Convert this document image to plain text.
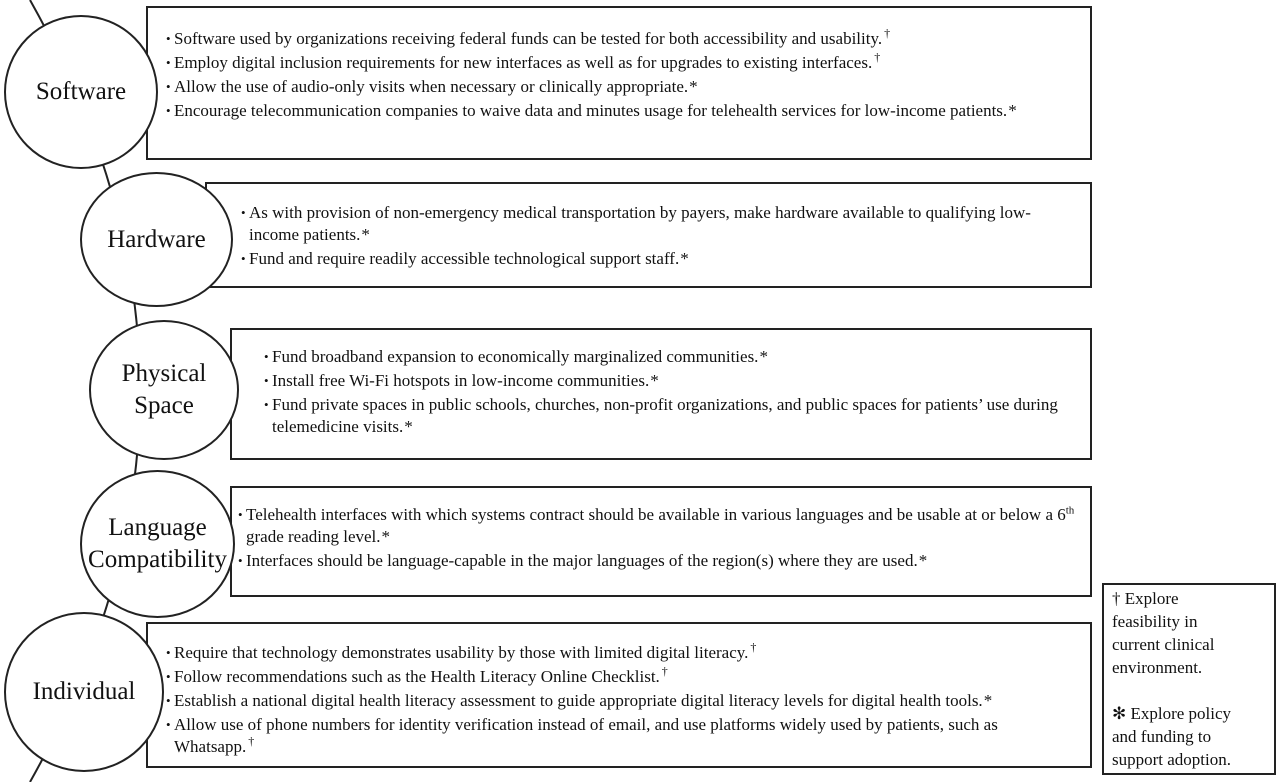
• Software used by organizations receiving federal funds can be tested for both accessibility and usability. †
• Employ digital inclusion requirements for new interfaces as well as for upgrades to existing interfaces. †
• Allow the use of audio-only visits when necessary or clinically appropriate.*
• Encourage telecommunication companies to waive data and minutes usage for telehealth services for low-income patients.*
Software
• As with provision of non-emergency medical transportation by payers, make hardware available to qualifying low-income patients.*
• Fund and require readily accessible technological support staff.*
Hardware
• Fund broadband expansion to economically marginalized communities.*
• Install free Wi-Fi hotspots in low-income communities.*
• Fund private spaces in public schools, churches, non-profit organizations, and public spaces for patients’ use during telemedicine visits.*
Physical
Space
• Telehealth interfaces with which systems contract should be available in various languages and be usable at or below a 6th grade reading level.*
• Interfaces should be language-capable in the major languages of the region(s) where they are used.*
Language
Compatibility
• Require that technology demonstrates usability by those with limited digital literacy. †
• Follow recommendations such as the Health Literacy Online Checklist. †
• Establish a national digital health literacy assessment to guide appropriate digital literacy levels for digital health tools.*
• Allow use of phone numbers for identity verification instead of email, and use platforms widely used by patients, such as Whatsapp. †
Individual

† Explore

feasibility in

current clinical

environment.

✻ Explore policy

and funding to

support adoption.
